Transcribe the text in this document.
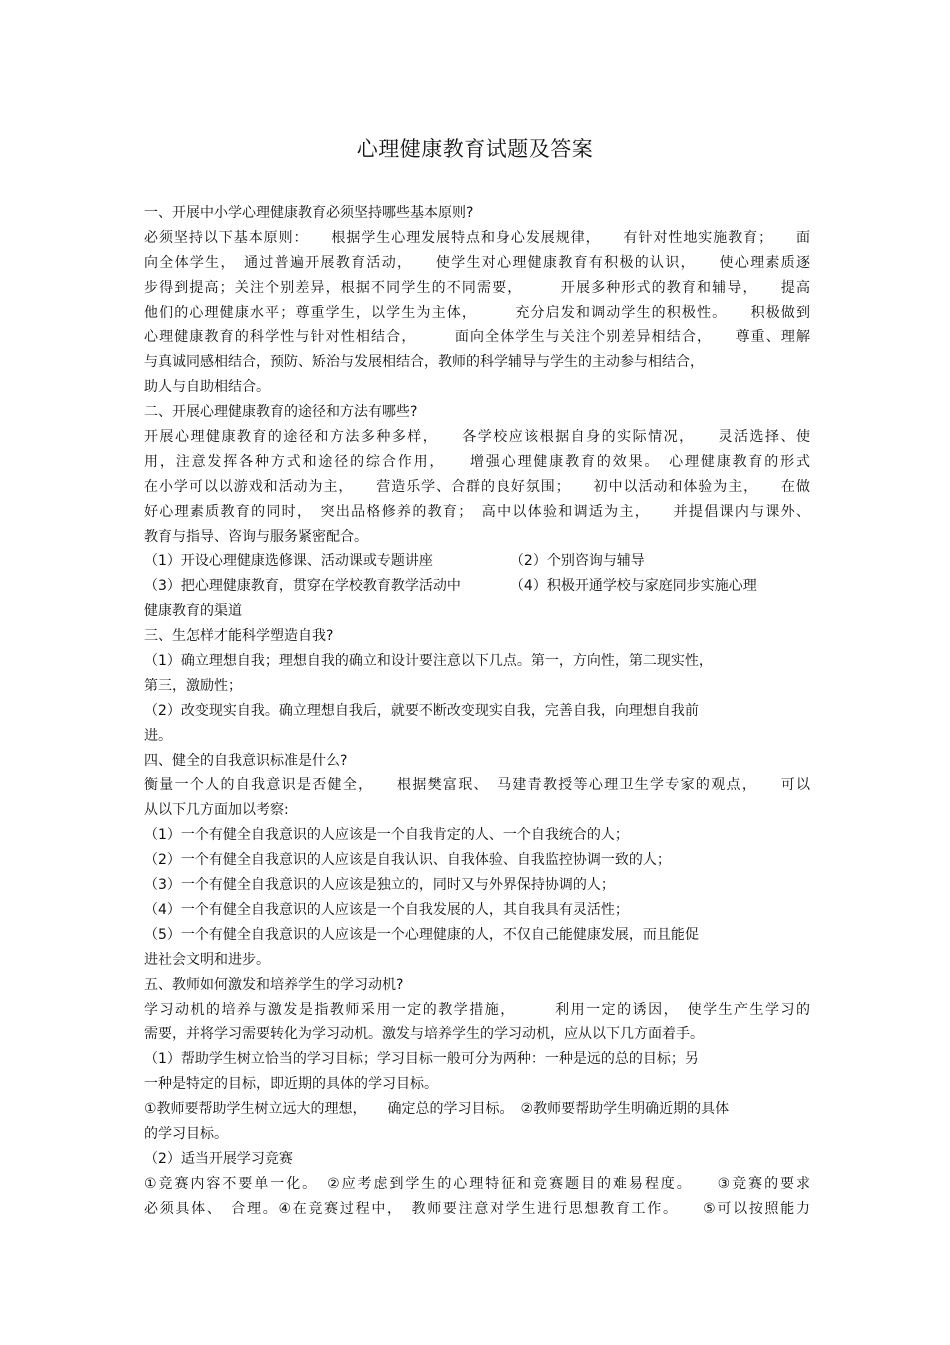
心理健康教育试题及答案
一、开展中小学心理健康教育必须坚持哪些基本原则?
必须坚持以下基本原则：　　根据学生心理发展特点和身心发展规律，　　有针对性地实施教育；　　面
向全体学生，　通过普遍开展教育活动，　　使学生对心理健康教育有积极的认识，　　使心理素质逐
步得到提高；关注个别差异，根据不同学生的不同需要，　　　开展多种形式的教育和辅导，　　提高
他们的心理健康水平；尊重学生，以学生为主体，　　　充分启发和调动学生的积极性。　　积极做到
心理健康教育的科学性与针对性相结合，　　　面向全体学生与关注个别差异相结合，　　尊重、理解
与真诚同感相结合，预防、矫治与发展相结合，教师的科学辅导与学生的主动参与相结合，
助人与自助相结合。
二、开展心理健康教育的途径和方法有哪些?
开展心理健康教育的途径和方法多种多样，　　各学校应该根据自身的实际情况，　　灵活选择、使
用，注意发挥各种方式和途径的综合作用，　　增强心理健康教育的效果。　心理健康教育的形式
在小学可以以游戏和活动为主，　　营造乐学、合群的良好氛围；　　初中以活动和体验为主，　　在做
好心理素质教育的同时，　突出品格修养的教育；　高中以体验和调适为主，　　并提倡课内与课外、
教育与指导、咨询与服务紧密配合。
（1）开设心理健康选修课、活动课或专题讲座　　　　　　（2）个别咨询与辅导
（3）把心理健康教育，贯穿在学校教育教学活动中　　　　（4）积极开通学校与家庭同步实施心理
健康教育的渠道
三、生怎样才能科学塑造自我?
（1）确立理想自我；理想自我的确立和设计要注意以下几点。第一，方向性，第二现实性，
第三，激励性；
（2）改变现实自我。确立理想自我后，就要不断改变现实自我，完善自我，向理想自我前
进。
四、健全的自我意识标准是什么?
衡量一个人的自我意识是否健全，　　根据樊富珉、　马建青教授等心理卫生学专家的观点，　　可以
从以下几方面加以考察:
（1）一个有健全自我意识的人应该是一个自我肯定的人、一个自我统合的人；
（2）一个有健全自我意识的人应该是自我认识、自我体验、自我监控协调一致的人；
（3）一个有健全自我意识的人应该是独立的，同时又与外界保持协调的人；
（4）一个有健全自我意识的人应该是一个自我发展的人，其自我具有灵活性；
（5）一个有健全自我意识的人应该是一个心理健康的人，不仅自己能健康发展，而且能促
进社会文明和进步。
五、教师如何激发和培养学生的学习动机?
学习动机的培养与激发是指教师采用一定的教学措施，　　　利用一定的诱因，　使学生产生学习的
需要，并将学习需要转化为学习动机。激发与培养学生的学习动机，应从以下几方面着手。
（1）帮助学生树立恰当的学习目标；学习目标一般可分为两种：一种是远的总的目标；另
一种是特定的目标，即近期的具体的学习目标。
①教师要帮助学生树立远大的理想，　　确定总的学习目标。　②教师要帮助学生明确近期的具体
的学习目标。
（2）适当开展学习竞赛
①竞赛内容不要单一化。　②应考虑到学生的心理特征和竞赛题目的难易程度。　　③竞赛的要求
必须具体、　合理。④在竞赛过程中，　教师要注意对学生进行思想教育工作。　　⑤可以按照能力
